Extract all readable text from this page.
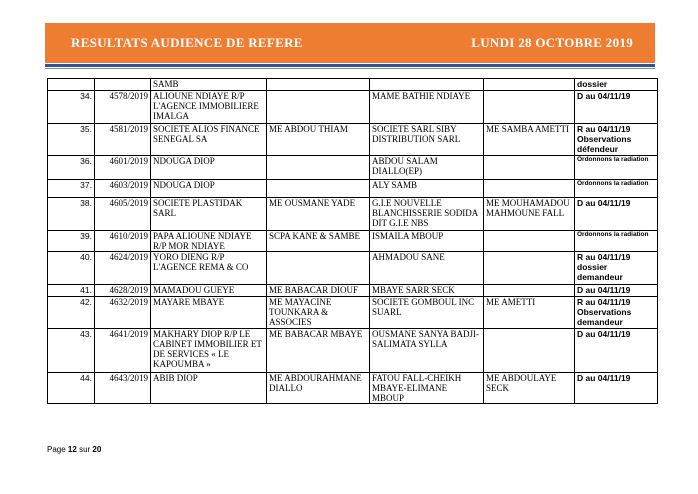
RESULTATS AUDIENCE DE REFERE	LUNDI 28 OCTOBRE 2019
		SAMB				dossier
34.	4578/2019	ALIOUNE NDIAYE R/P L'AGENCE IMMOBILIERE IMALGA		MAME BATHIE NDIAYE		D au 04/11/19
35.	4581/2019	SOCIETE ALIOS FINANCE SENEGAL SA	ME ABDOU THIAM	SOCIETE SARL SIBY DISTRIBUTION SARL	ME SAMBA AMETTI	R au 04/11/19 Observations défendeur
36.	4601/2019	NDOUGA DIOP		ABDOU SALAM DIALLO(EP)		Ordonnons la radiation
37.	4603/2019	NDOUGA DIOP		ALY SAMB		Ordonnons la radiation
38.	4605/2019	SOCIETE PLASTIDAK SARL	ME OUSMANE YADE	G.I.E NOUVELLE BLANCHISSERIE SODIDA DIT G.I.E NBS	ME MOUHAMADOU MAHMOUNE FALL	D au 04/11/19
39.	4610/2019	PAPA ALIOUNE NDIAYE R/P MOR NDIAYE	SCPA KANE & SAMBE	ISMAILA MBOUP		Ordonnons la radiation
40.	4624/2019	YORO DIENG R/P L'AGENCE REMA & CO		AHMADOU SANE		R au 04/11/19 dossier demandeur
41.	4628/2019	MAMADOU GUEYE	ME BABACAR DIOUF	MBAYE SARR SECK		D au 04/11/19
42.	4632/2019	MAYARE MBAYE	ME MAYACINE TOUNKARA & ASSOCIES	SOCIETE GOMBOUL INC SUARL	ME AMETTI	R au 04/11/19 Observations demandeur
43.	4641/2019	MAKHARY DIOP R/P LE CABINET IMMOBILIER ET DE SERVICES « LE KAPOUMBA »	ME BABACAR MBAYE	OUSMANE SANYA BADJI-SALIMATA SYLLA		D au 04/11/19
44.	4643/2019	ABIB DIOP	ME ABDOURAHMANE DIALLO	FATOU FALL-CHEIKH MBAYE-ELIMANE MBOUP	ME ABDOULAYE SECK	D au 04/11/19
Page 12 sur 20
